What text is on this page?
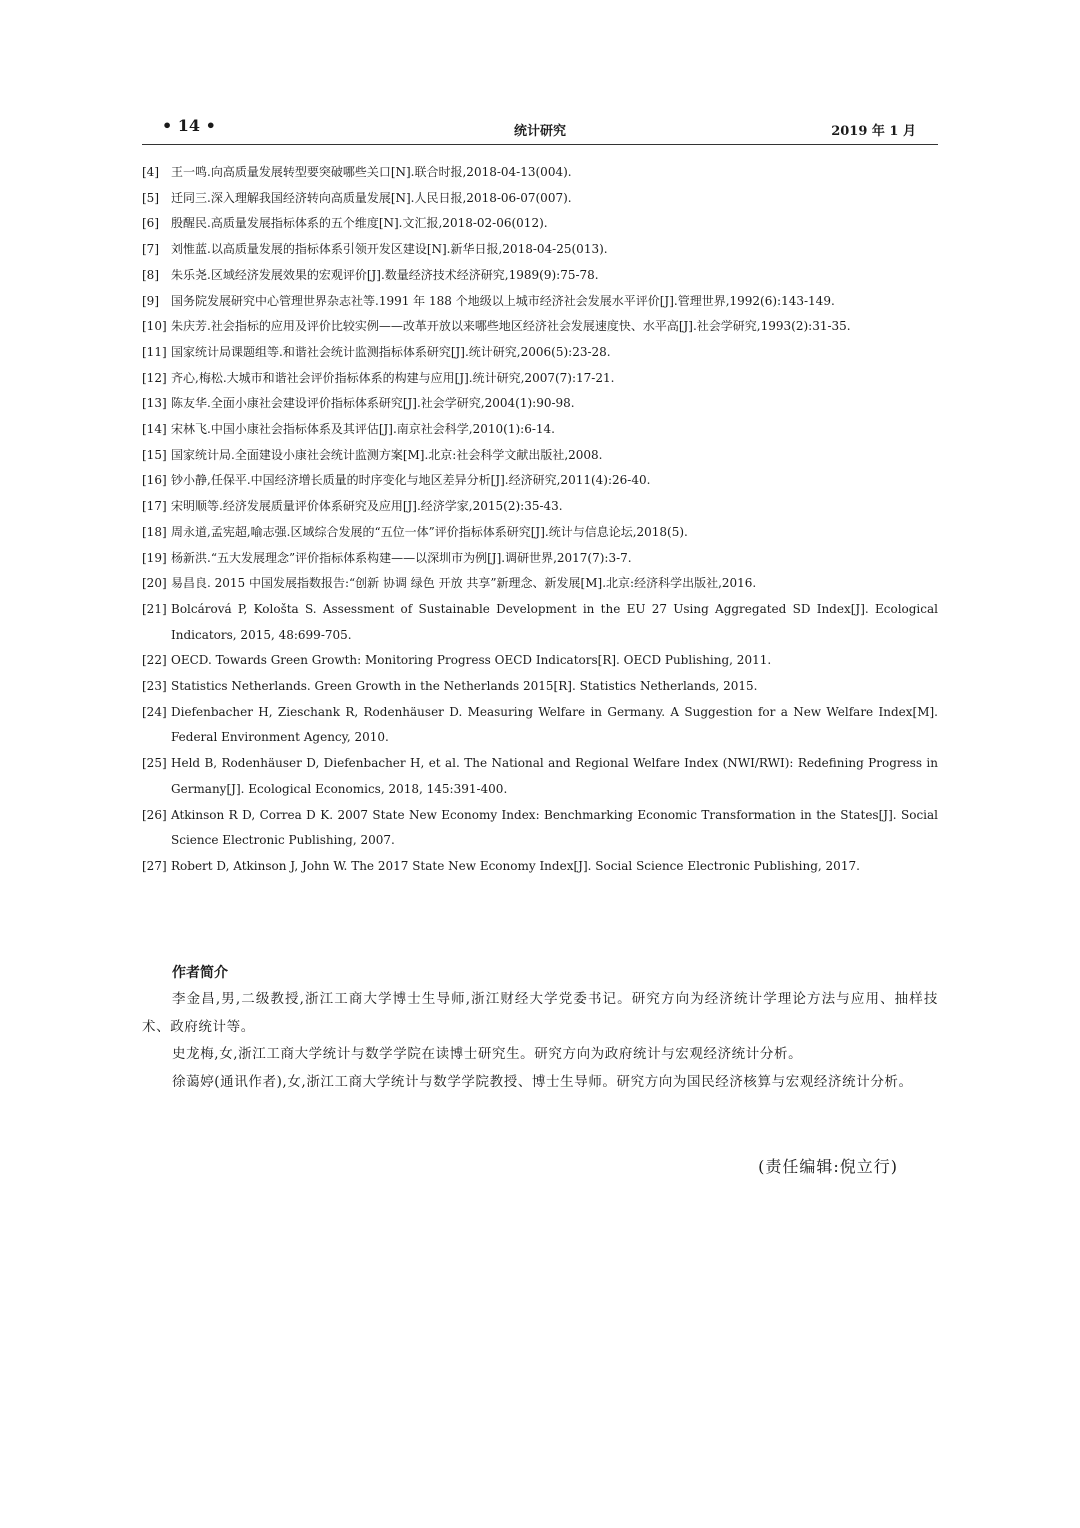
• 14 •	统计研究	2019 年 1 月
[4]	王一鸣.向高质量发展转型要突破哪些关口[N].联合时报,2018-04-13(004).
[5]	迁同三.深入理解我国经济转向高质量发展[N].人民日报,2018-06-07(007).
[6]	殷醒民.高质量发展指标体系的五个维度[N].文汇报,2018-02-06(012).
[7]	刘惟蓝.以高质量发展的指标体系引领开发区建设[N].新华日报,2018-04-25(013).
[8]	朱乐尧.区域经济发展效果的宏观评价[J].数量经济技术经济研究,1989(9):75-78.
[9]	国务院发展研究中心管理世界杂志社等.1991 年 188 个地级以上城市经济社会发展水平评价[J].管理世界,1992(6):143-149.
[10] 朱庆芳.社会指标的应用及评价比较实例——改革开放以来哪些地区经济社会发展速度快、水平高[J].社会学研究,1993(2):31-35.
[11] 国家统计局课题组等.和谐社会统计监测指标体系研究[J].统计研究,2006(5):23-28.
[12] 齐心,梅松.大城市和谐社会评价指标体系的构建与应用[J].统计研究,2007(7):17-21.
[13] 陈友华.全面小康社会建设评价指标体系研究[J].社会学研究,2004(1):90-98.
[14] 宋林飞.中国小康社会指标体系及其评估[J].南京社会科学,2010(1):6-14.
[15] 国家统计局.全面建设小康社会统计监测方案[M].北京:社会科学文献出版社,2008.
[16] 钞小静,任保平.中国经济增长质量的时序变化与地区差异分析[J].经济研究,2011(4):26-40.
[17] 宋明顺等.经济发展质量评价体系研究及应用[J].经济学家,2015(2):35-43.
[18] 周永道,孟宪超,喻志强.区域综合发展的“五位一体”评价指标体系研究[J].统计与信息论坛,2018(5).
[19] 杨新洪.“五大发展理念”评价指标体系构建——以深圳市为例[J].调研世界,2017(7):3-7.
[20] 易昌良. 2015 中国发展指数报告:“创新 协调 绿色 开放 共享”新理念、新发展[M].北京:经济科学出版社,2016.
[21] Bolcárová P, Kološta S. Assessment of Sustainable Development in the EU 27 Using Aggregated SD Index[J]. Ecological Indicators, 2015, 48:699-705.
[22] OECD. Towards Green Growth: Monitoring Progress OECD Indicators[R]. OECD Publishing, 2011.
[23] Statistics Netherlands. Green Growth in the Netherlands 2015[R]. Statistics Netherlands, 2015.
[24] Diefenbacher H, Zieschank R, Rodenhäuser D. Measuring Welfare in Germany. A Suggestion for a New Welfare Index[M]. Federal Environment Agency, 2010.
[25] Held B, Rodenhäuser D, Diefenbacher H, et al. The National and Regional Welfare Index (NWI/RWI): Redefining Progress in Germany[J]. Ecological Economics, 2018, 145:391-400.
[26] Atkinson R D, Correa D K. 2007 State New Economy Index: Benchmarking Economic Transformation in the States[J]. Social Science Electronic Publishing, 2007.
[27] Robert D, Atkinson J, John W. The 2017 State New Economy Index[J]. Social Science Electronic Publishing, 2017.
作者简介
李金昌,男,二级教授,浙江工商大学博士生导师,浙江财经大学党委书记。研究方向为经济统计学理论方法与应用、抽样技术、政府统计等。
史龙梅,女,浙江工商大学统计与数学学院在读博士研究生。研究方向为政府统计与宏观经济统计分析。
徐蔼婷(通讯作者),女,浙江工商大学统计与数学学院教授、博士生导师。研究方向为国民经济核算与宏观经济统计分析。
(责任编辑:倪立行)
